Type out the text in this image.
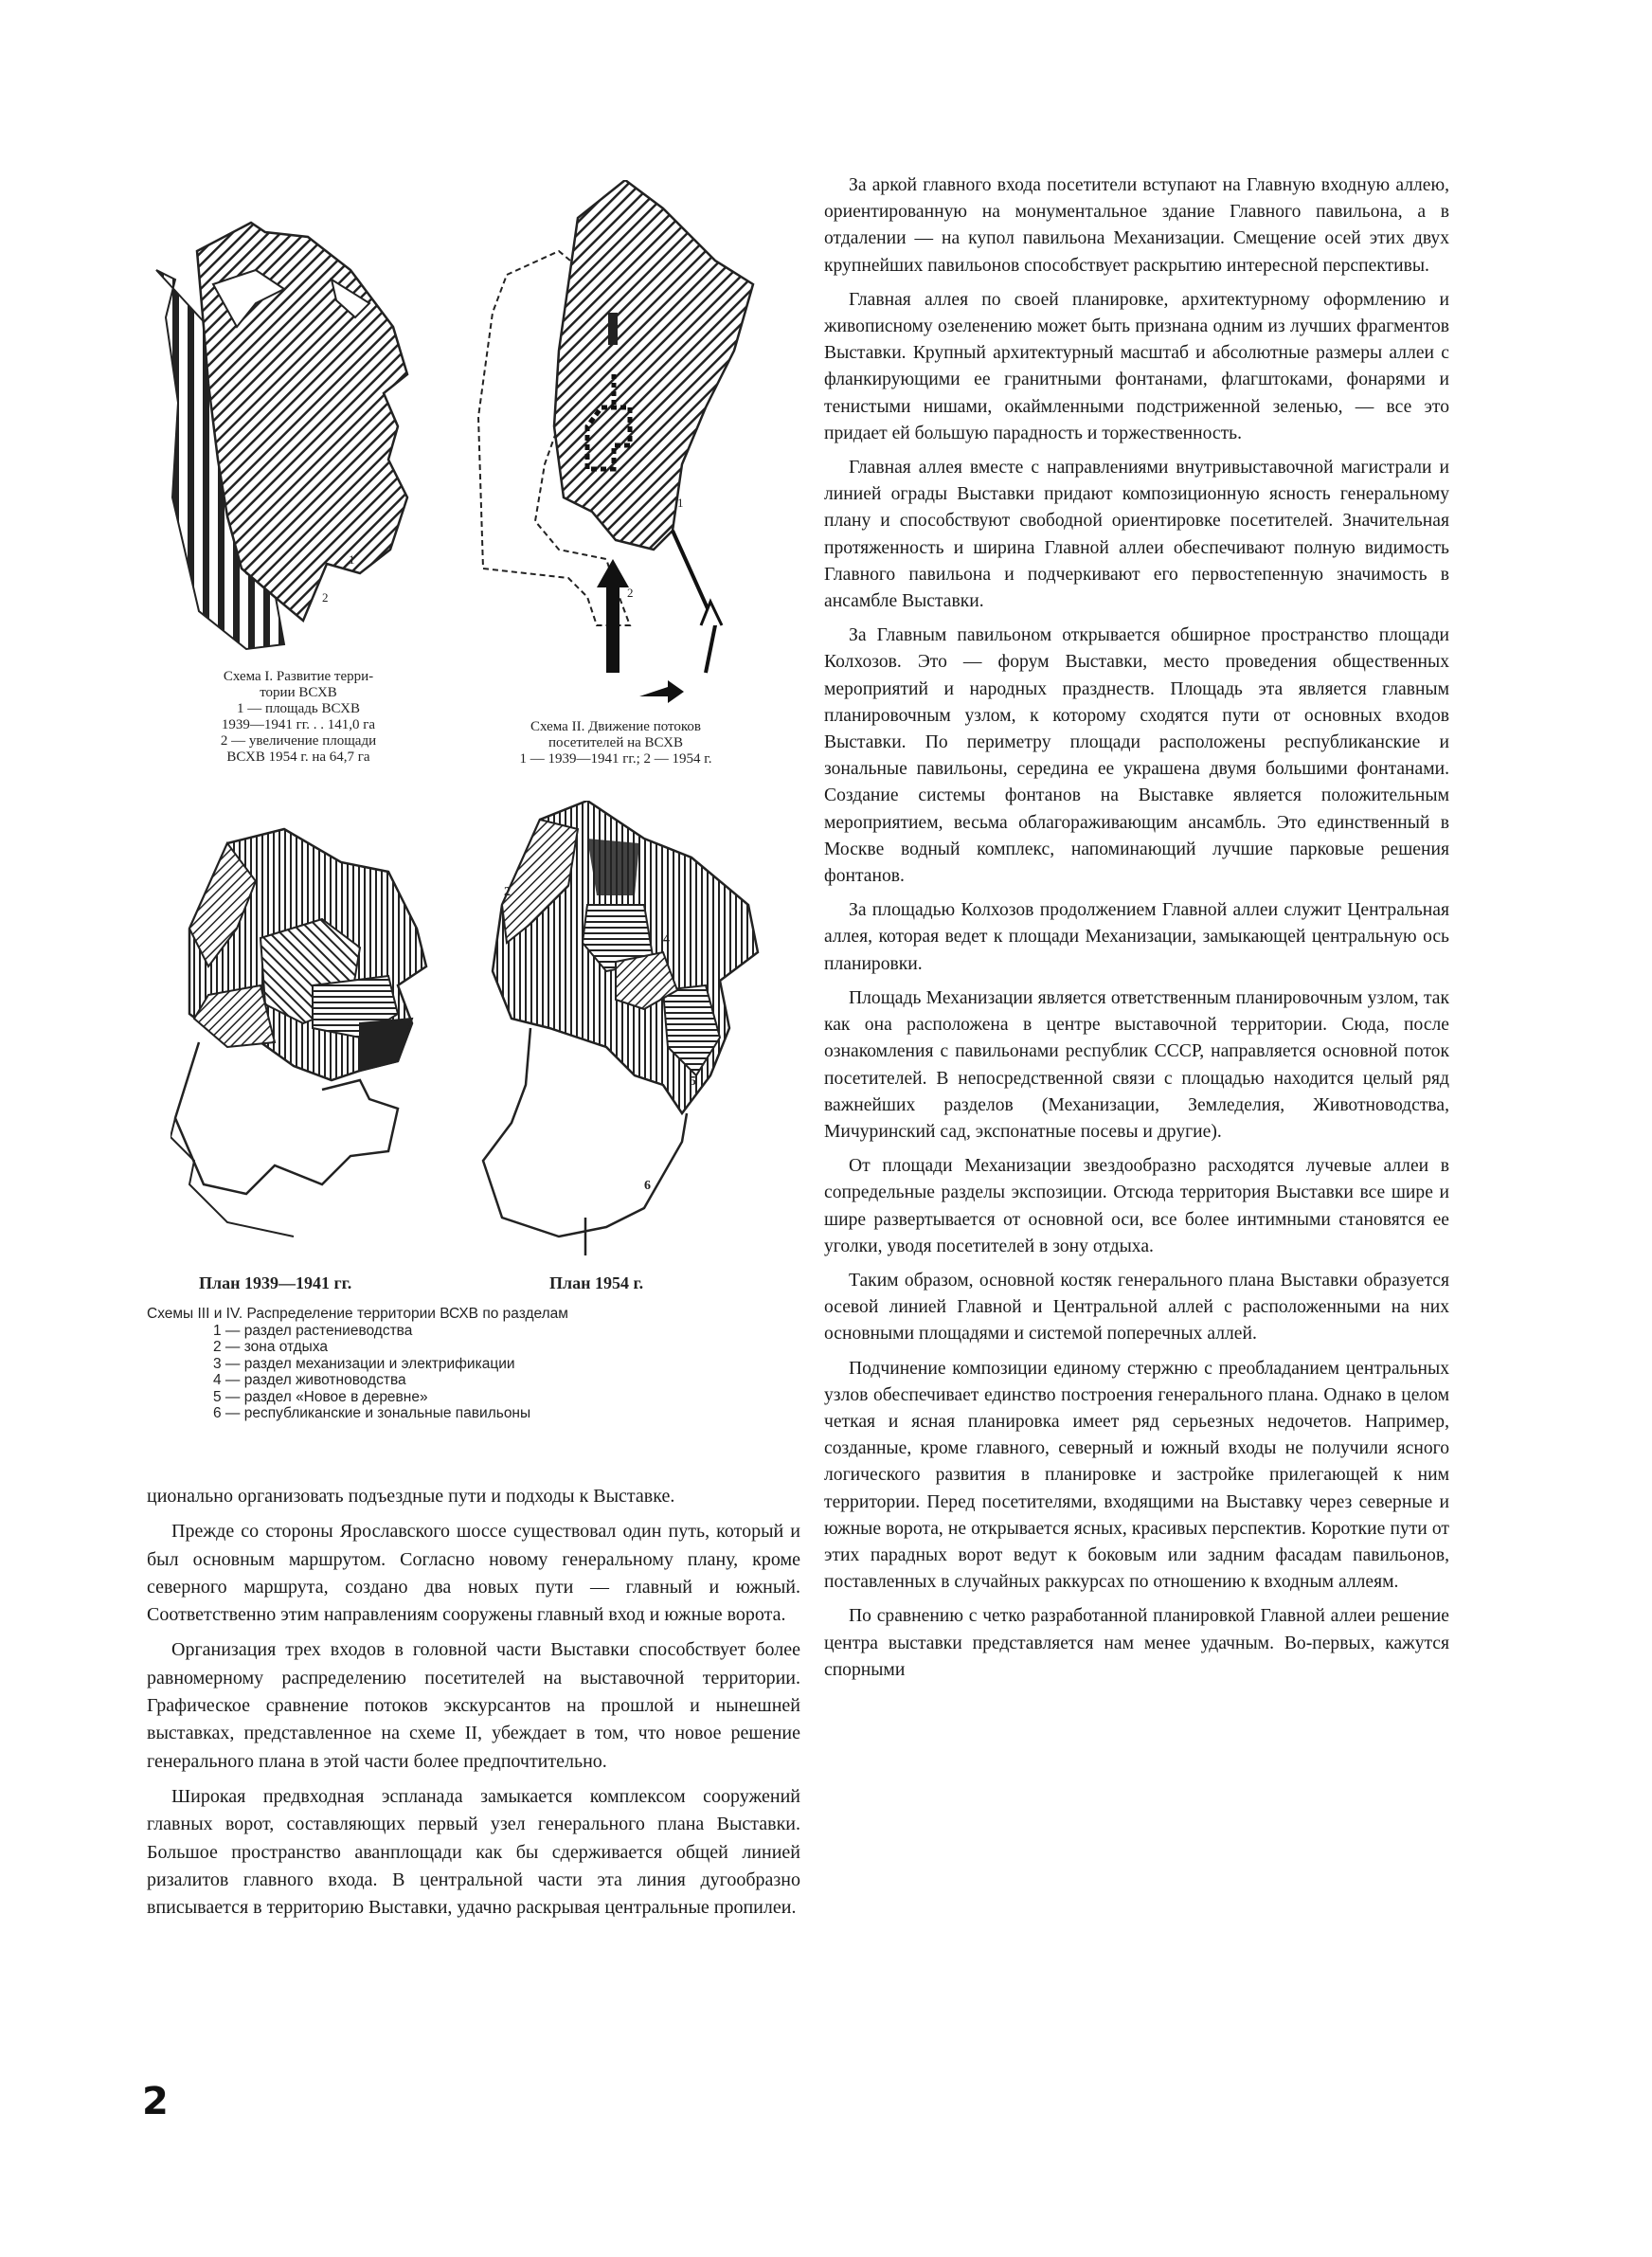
1
2
Схема I. Развитие терри-
тории ВСХВ
1 — площадь ВСХВ
1939—1941 гг. . . 141,0 га
2 — увеличение площади
ВСХВ 1954 г. на 64,7 га
1
2
Схема II. Движение потоков
посетителей на ВСХВ
1 — 1939—1941 гг.; 2 — 1954 г.
План 1939—1941 гг.
2
4
5
6
План 1954 г.
Схемы III и IV. Распределение территории ВСХВ по разделам
1 — раздел растениеводства
2 — зона отдыха
3 — раздел механизации и электрификации
4 — раздел животноводства
5 — раздел «Новое в деревне»
6 — республиканские и зональные павильоны

ционально организовать подъездные пути и подходы к Выставке.

Прежде со стороны Ярославского шоссе существовал один путь, который и был основным маршрутом. Согласно новому генеральному плану, кроме северного маршрута, создано два новых пути — главный и южный. Соответственно этим направлениям сооружены главный вход и южные ворота.

Организация трех входов в головной части Выставки способствует более равномерному распределению посетителей на выставочной территории. Графическое сравнение потоков экскурсантов на прошлой и нынешней выставках, представленное на схеме II, убеждает в том, что новое решение генерального плана в этой части более предпочтительно.

Широкая предвходная эспланада замыкается комплексом сооружений главных ворот, составляющих первый узел генерального плана Выставки. Большое пространство аванплощади как бы сдерживается общей линией ризалитов главного входа. В центральной части эта линия дугообразно вписывается в территорию Выставки, удачно раскрывая центральные пропилеи.

За аркой главного входа посетители вступают на Главную входную аллею, ориентированную на монументальное здание Главного павильона, а в отдалении — на купол павильона Механизации. Смещение осей этих двух крупнейших павильонов способствует раскрытию интересной перспективы.

Главная аллея по своей планировке, архитектурному оформлению и живописному озеленению может быть признана одним из лучших фрагментов Выставки. Крупный архитектурный масштаб и абсолютные размеры аллеи с фланкирующими ее гранитными фонтанами, флагштоками, фонарями и тенистыми нишами, окаймленными подстриженной зеленью, — все это придает ей большую парадность и торжественность.

Главная аллея вместе с направлениями внутривыставочной магистрали и линией ограды Выставки придают композиционную ясность генеральному плану и способствуют свободной ориентировке посетителей. Значительная протяженность и ширина Главной аллеи обеспечивают полную видимость Главного павильона и подчеркивают его первостепенную значимость в ансамбле Выставки.

За Главным павильоном открывается обширное пространство площади Колхозов. Это — форум Выставки, место проведения общественных мероприятий и народных празднеств. Площадь эта является главным планировочным узлом, к которому сходятся пути от основных входов Выставки. По периметру площади расположены республиканские и зональные павильоны, середина ее украшена двумя большими фонтанами. Создание системы фонтанов на Выставке является положительным мероприятием, весьма облагораживающим ансамбль. Это единственный в Москве водный комплекс, напоминающий лучшие парковые решения фонтанов.

За площадью Колхозов продолжением Главной аллеи служит Центральная аллея, которая ведет к площади Механизации, замыкающей центральную ось планировки.

Площадь Механизации является ответственным планировочным узлом, так как она расположена в центре выставочной территории. Сюда, после ознакомления с павильонами республик СССР, направляется основной поток посетителей. В непосредственной связи с площадью находится целый ряд важнейших разделов (Механизации, Земледелия, Животноводства, Мичуринский сад, экспонатные посевы и другие).

От площади Механизации звездообразно расходятся лучевые аллеи в сопредельные разделы экспозиции. Отсюда территория Выставки все шире и шире развертывается от основной оси, все более интимными становятся ее уголки, уводя посетителей в зону отдыха.

Таким образом, основной костяк генерального плана Выставки образуется осевой линией Главной и Центральной аллей с расположенными на них основными площадями и системой поперечных аллей.

Подчинение композиции единому стержню с преобладанием центральных узлов обеспечивает единство построения генерального плана. Однако в целом четкая и ясная планировка имеет ряд серьезных недочетов. Например, созданные, кроме главного, северный и южный входы не получили ясного логического развития в планировке и застройке прилегающей к ним территории. Перед посетителями, входящими на Выставку через северные и южные ворота, не открывается ясных, красивых перспектив. Короткие пути от этих парадных ворот ведут к боковым или задним фасадам павильонов, поставленных в случайных раккурсах по отношению к входным аллеям.

По сравнению с четко разработанной планировкой Главной аллеи решение центра выставки представляется нам менее удачным. Во-первых, кажутся спорными

2
